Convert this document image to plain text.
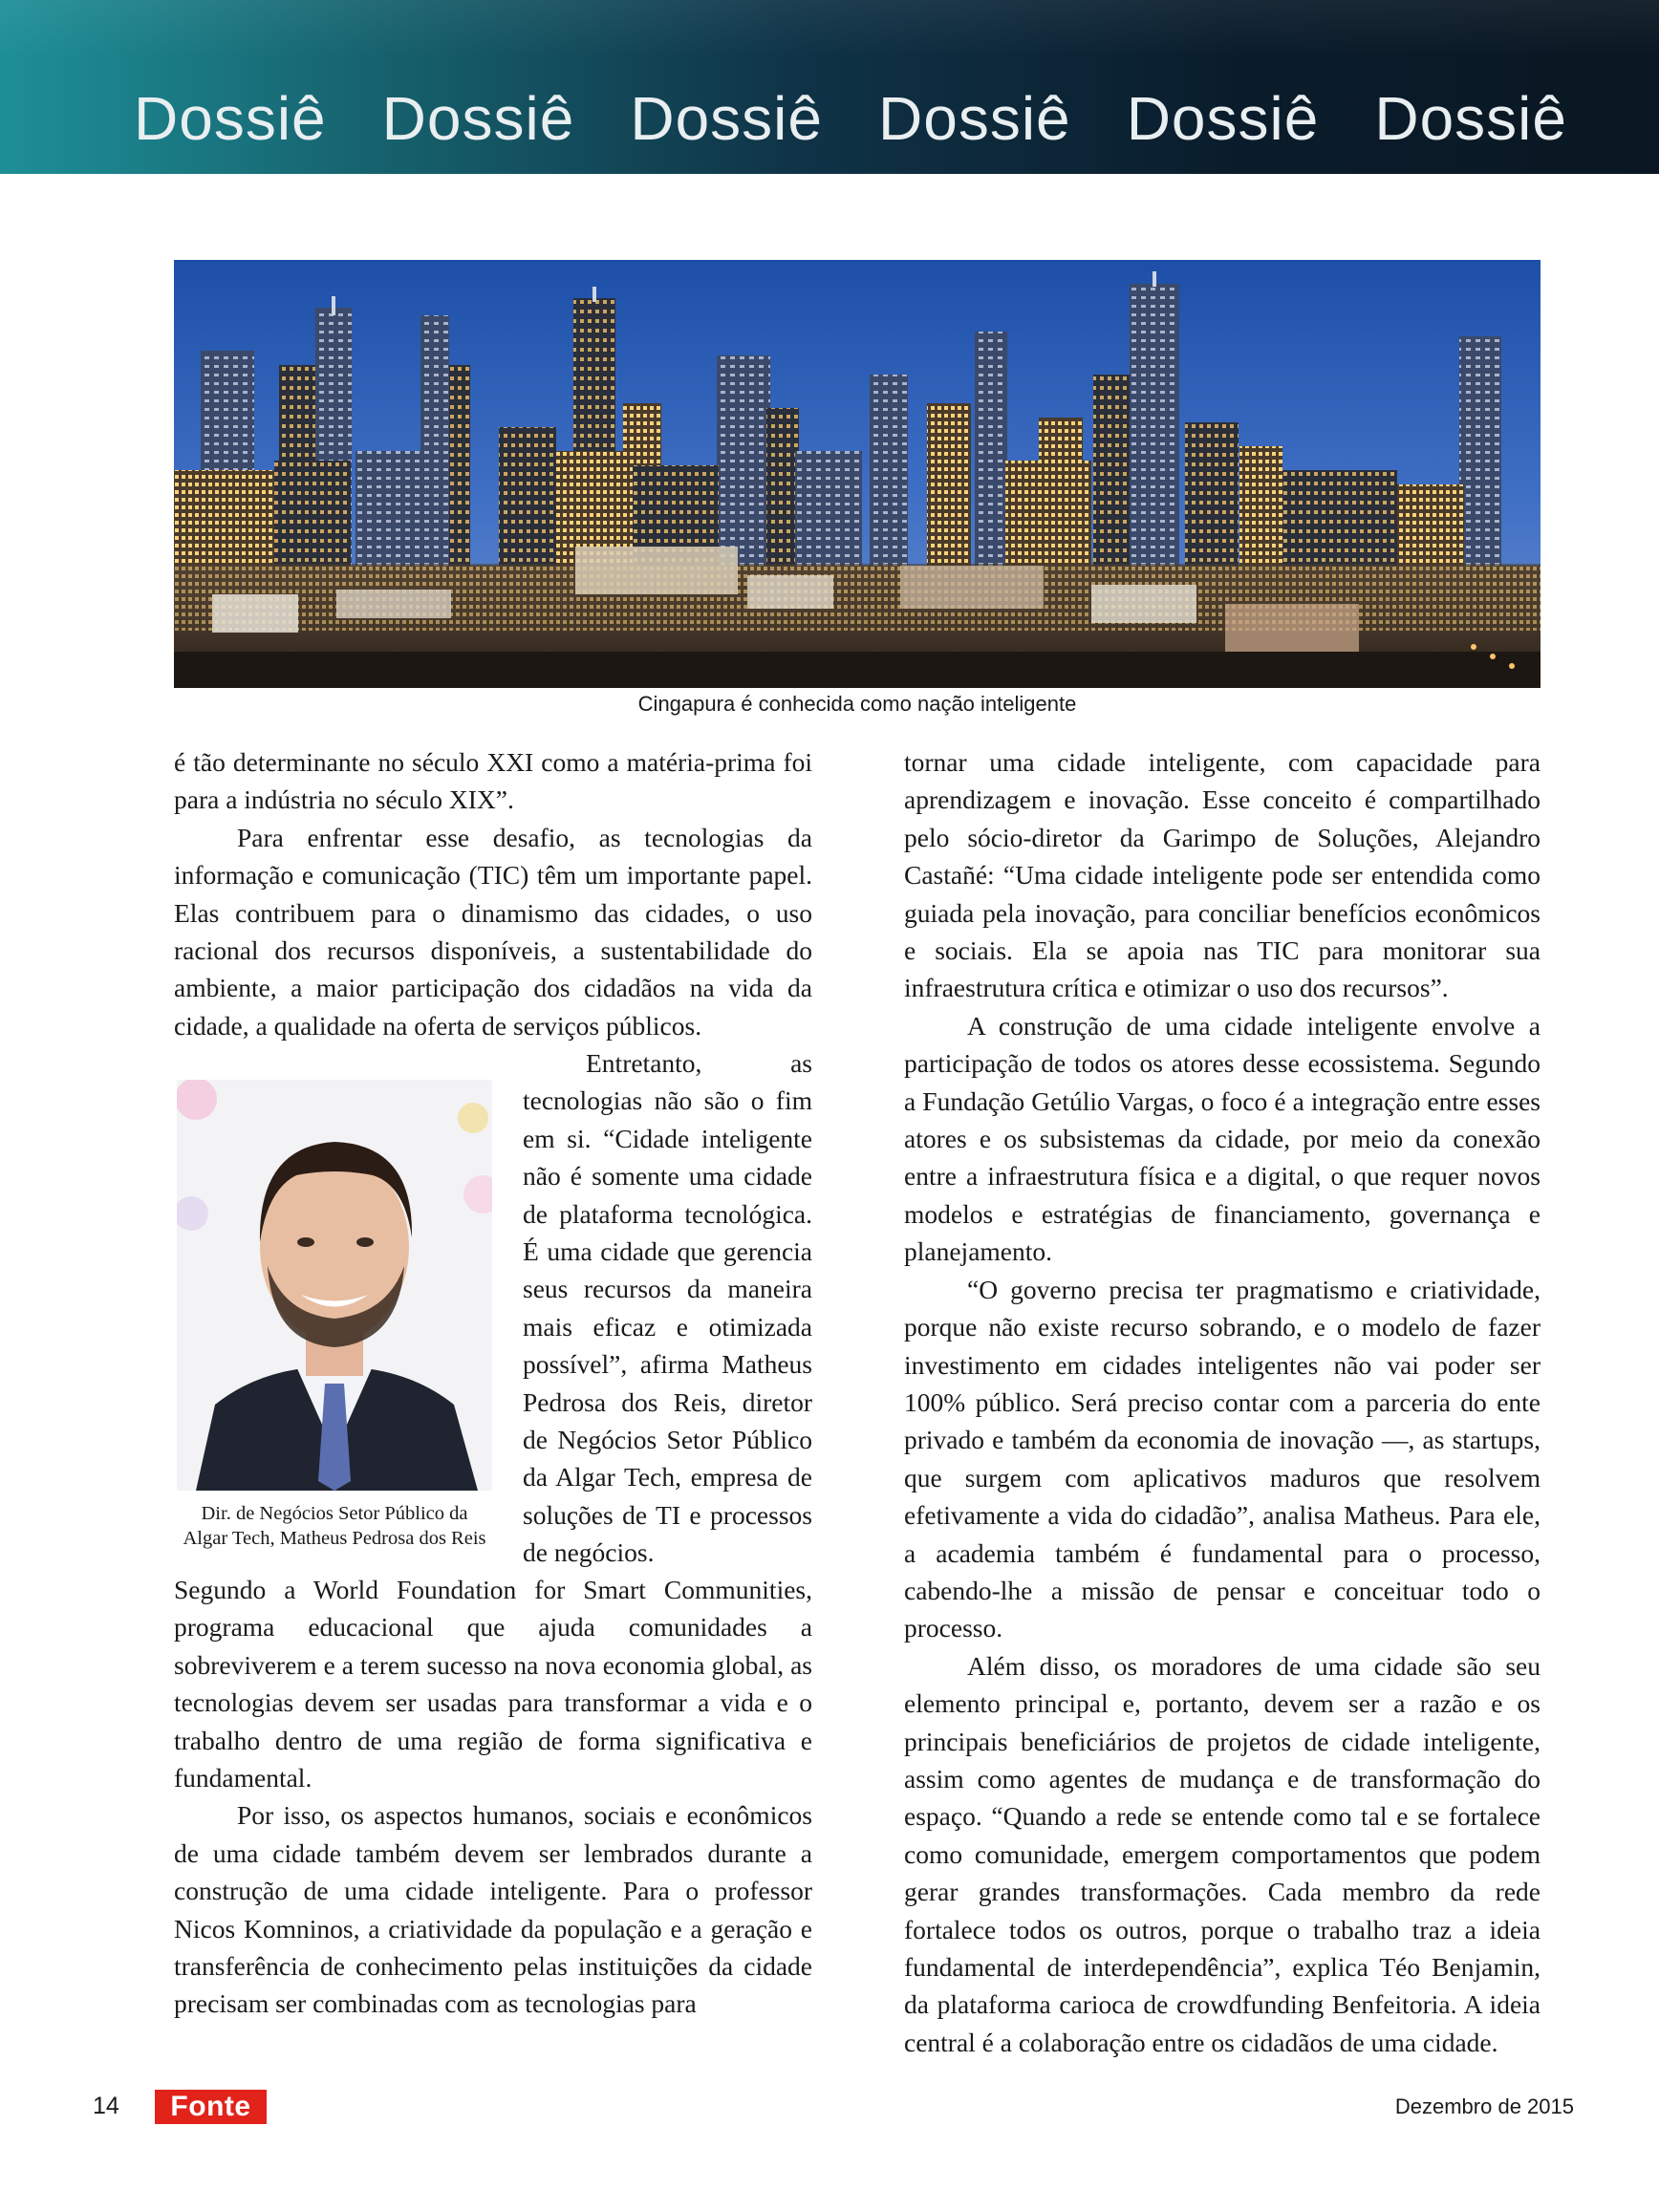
Dossiê Dossiê Dossiê Dossiê Dossiê Dossiê
Cingapura é conhecida como nação inteligente

é tão determinante no século XXI como a matéria-prima foi para a indústria no século XIX”.

Para enfrentar esse desafio, as tecnologias da informação e comunicação (TIC) têm um importante papel. Elas contribuem para o dinamismo das cidades, o uso racional dos recursos disponíveis, a sustentabilidade do ambiente, a maior participação dos cidadãos na vida da cidade, a qualidade na oferta de serviços públicos.

Dir. de Negócios Setor Público da
Algar Tech, Matheus Pedrosa dos Reis

Entretanto, as tecnologias não são o fim em si. “Cidade inteligente não é somente uma cidade de plataforma tecnológica. É uma cidade que gerencia seus recursos da maneira mais eficaz e otimizada possível”, afirma Matheus Pedrosa dos Reis, diretor de Negócios Setor Público da Algar Tech, empresa de soluções de TI e processos de negócios.

Segundo a World Foundation for Smart Communities, programa educacional que ajuda comunidades a sobreviverem e a terem sucesso na nova economia global, as tecnologias devem ser usadas para transformar a vida e o trabalho dentro de uma região de forma significativa e fundamental.

Por isso, os aspectos humanos, sociais e econômicos de uma cidade também devem ser lembrados durante a construção de uma cidade inteligente. Para o professor Nicos Komninos, a criatividade da população e a geração e transferência de conhecimento pelas instituições da cidade precisam ser combinadas com as tecnologias para

tornar uma cidade inteligente, com capacidade para aprendizagem e inovação. Esse conceito é compartilhado pelo sócio-diretor da Garimpo de Soluções, Alejandro Castañé: “Uma cidade inteligente pode ser entendida como guiada pela inovação, para conciliar benefícios econômicos e sociais. Ela se apoia nas TIC para monitorar sua infraestrutura crítica e otimizar o uso dos recursos”.

A construção de uma cidade inteligente envolve a participação de todos os atores desse ecossistema. Segundo a Fundação Getúlio Vargas, o foco é a integração entre esses atores e os subsistemas da cidade, por meio da conexão entre a infraestrutura física e a digital, o que requer novos modelos e estratégias de financiamento, governança e planejamento.

“O governo precisa ter pragmatismo e criatividade, porque não existe recurso sobrando, e o modelo de fazer investimento em cidades inteligentes não vai poder ser 100% público. Será preciso contar com a parceria do ente privado e também da economia de inovação —, as startups, que surgem com aplicativos maduros que resolvem efetivamente a vida do cidadão”, analisa Matheus. Para ele, a academia também é fundamental para o processo, cabendo-lhe a missão de pensar e conceituar todo o processo.

Além disso, os moradores de uma cidade são seu elemento principal e, portanto, devem ser a razão e os principais beneficiários de projetos de cidade inteligente, assim como agentes de mudança e de transformação do espaço. “Quando a rede se entende como tal e se fortalece como comunidade, emergem comportamentos que podem gerar grandes transformações. Cada membro da rede fortalece todos os outros, porque o trabalho traz a ideia fundamental de interdependência”, explica Téo Benjamin, da plataforma carioca de crowdfunding Benfeitoria. A ideia central é a colaboração entre os cidadãos de uma cidade.

14	Fonte	Dezembro de 2015
